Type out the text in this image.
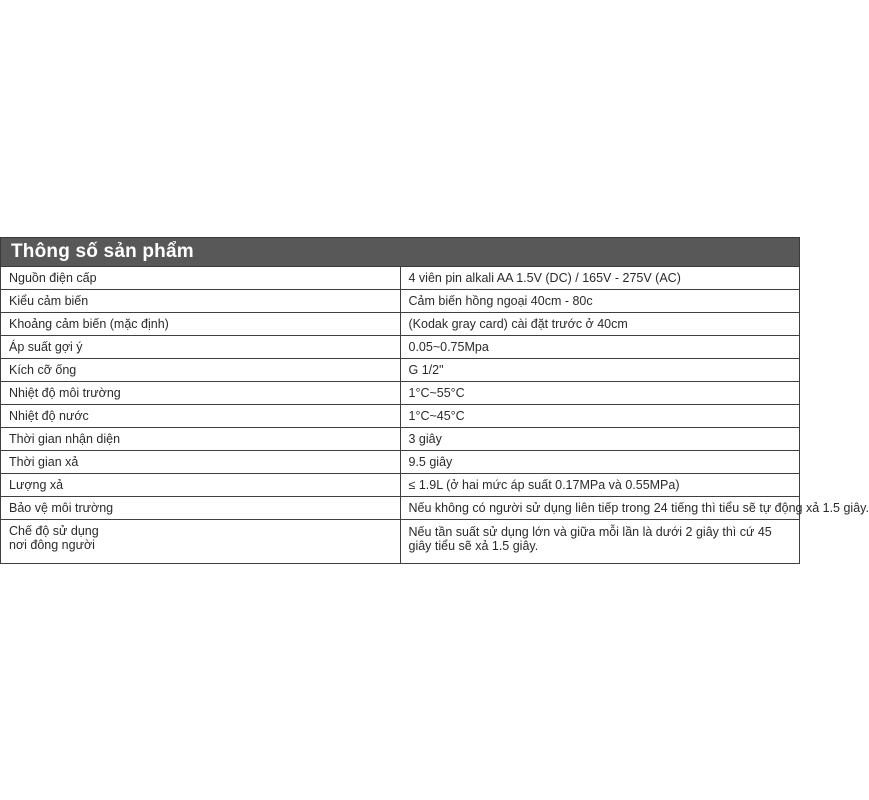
Thông số sản phẩm	
Nguồn điện cấp	4 viên pin alkali AA 1.5V (DC) / 165V - 275V (AC)
Kiểu cảm biến	Cảm biến hồng ngoại 40cm - 80c
Khoảng cảm biến (mặc định)	(Kodak gray card) cài đặt trước ở 40cm
Áp suất gợi ý	0.05~0.75Mpa
Kích cỡ ống	G 1/2"
Nhiệt độ môi trường	1°C~55°C
Nhiệt độ nước	1°C~45°C
Thời gian nhận diện	3 giây
Thời gian xả	9.5 giây
Lượng xả	≤ 1.9L (ở hai mức áp suất 0.17MPa và 0.55MPa)
Bảo vệ môi trường	Nếu không có người sử dụng liên tiếp trong 24 tiếng thì tiểu sẽ tự động xả 1.5 giây.

Chế độ sử dụng
nơi đông người	Nếu tần suất sử dụng lớn và giữa mỗi lần là dưới 2 giây thì cứ 45 giây tiểu sẽ xả 1.5 giây.
